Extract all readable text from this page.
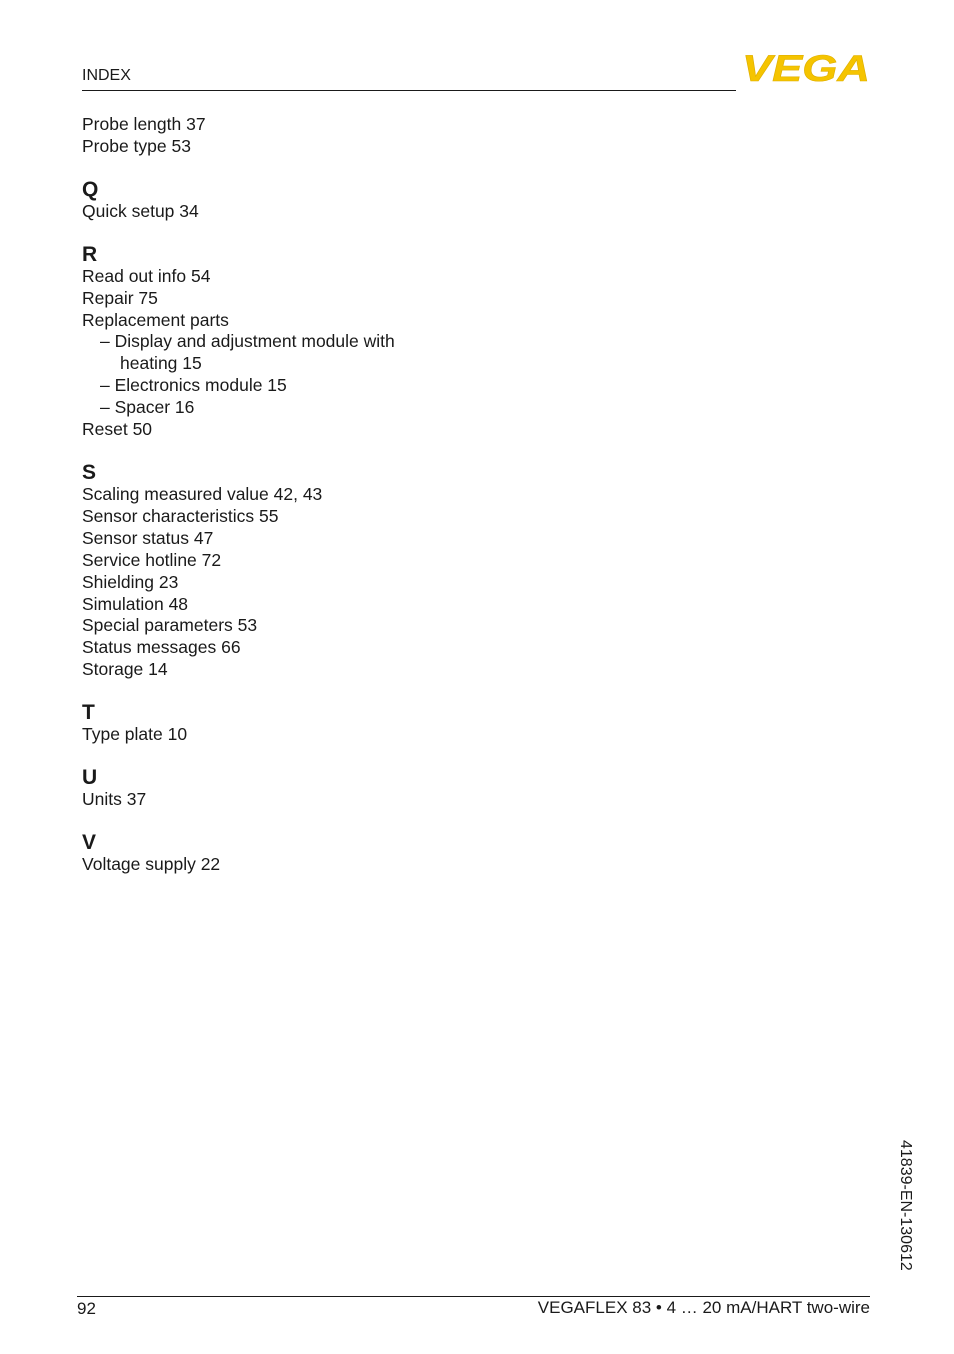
INDEX	VEGA
Probe length 37
Probe type 53
Q
Quick setup 34
R
Read out info 54
Repair 75
Replacement parts
– Display and adjustment module with
heating 15
– Electronics module 15
– Spacer 16
Reset 50
S
Scaling measured value 42, 43
Sensor characteristics 55
Sensor status 47
Service hotline 72
Shielding 23
Simulation 48
Special parameters 53
Status messages 66
Storage 14
T
Type plate 10
U
Units 37
V
Voltage supply 22
92	VEGAFLEX 83 • 4 … 20 mA/HART two-wire
41839-EN-130612
